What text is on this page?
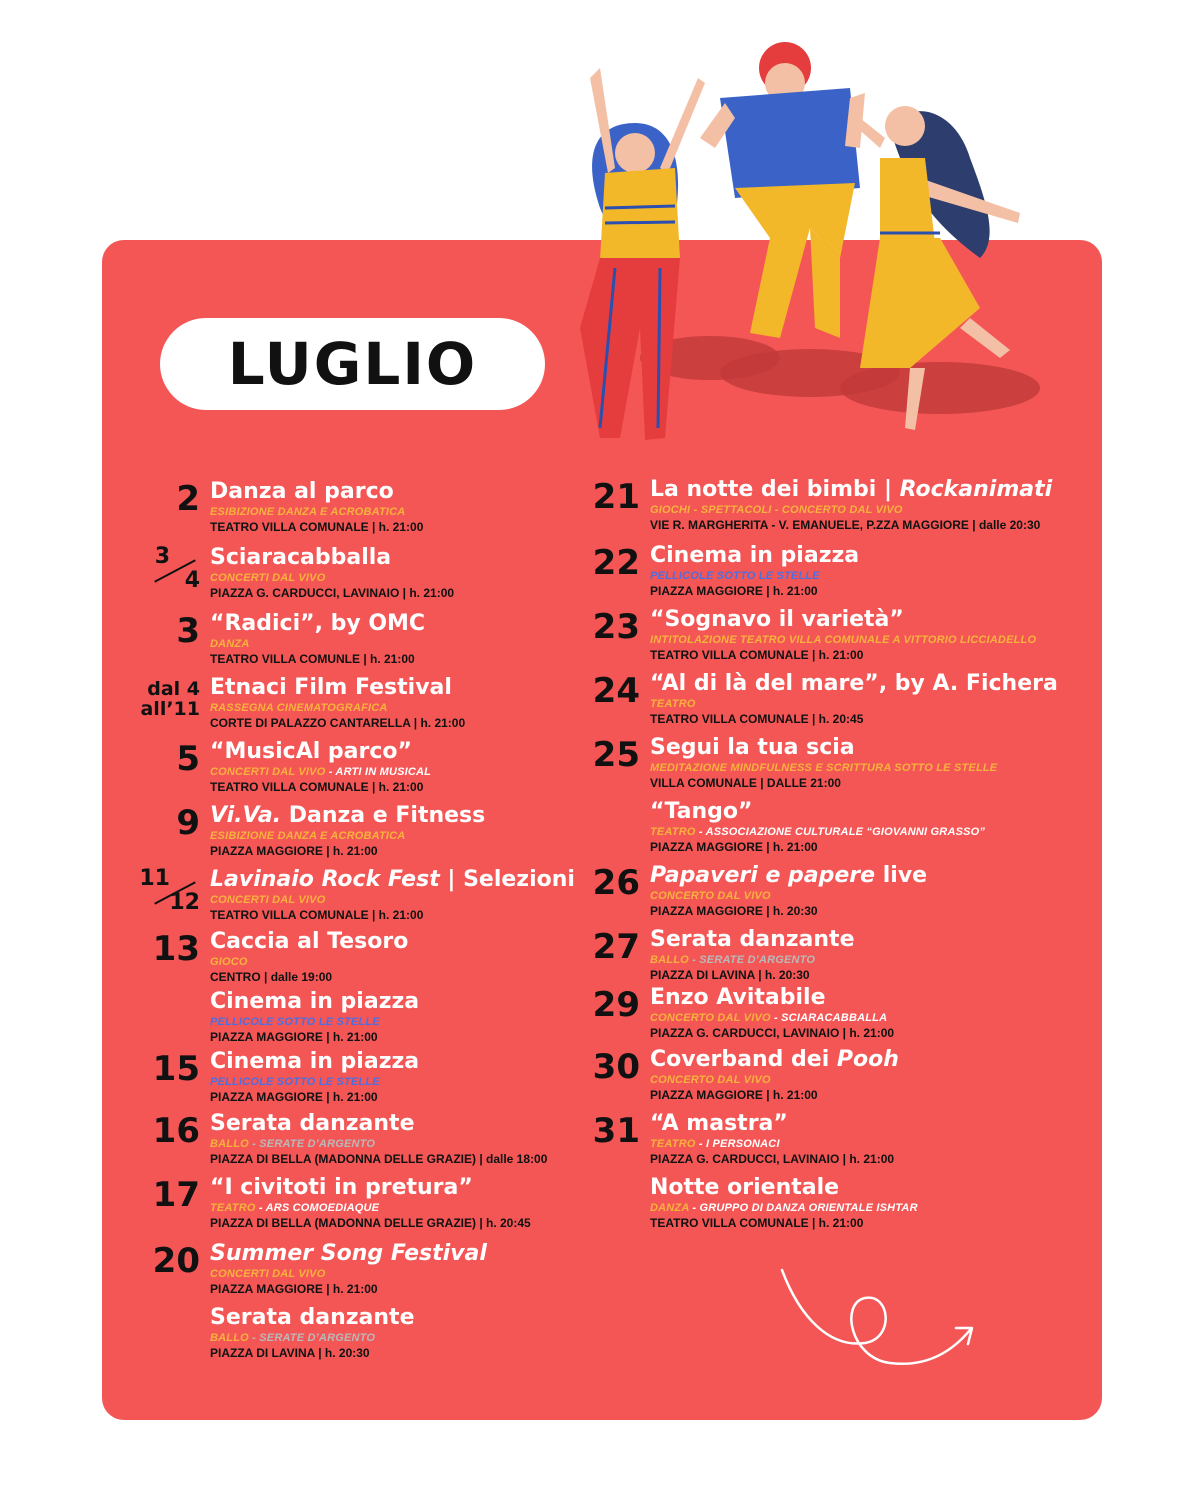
LUGLIO
2 Danza al parco
ESIBIZIONE DANZA E ACROBATICA
TEATRO VILLA COMUNALE | h. 21:00
3
4
Sciaracabballa
CONCERTI DAL VIVO
PIAZZA G. CARDUCCI, LAVINAIO | h. 21:00
3 “Radici”, by OMC
DANZA
TEATRO VILLA COMUNLE | h. 21:00
dal 4
all’11
Etnaci Film Festival
RASSEGNA CINEMATOGRAFICA
CORTE DI PALAZZO CANTARELLA | h. 21:00
5 “MusicAl parco”
CONCERTI DAL VIVO - ARTI IN MUSICAL
TEATRO VILLA COMUNALE | h. 21:00
9 Vi.Va. Danza e Fitness
ESIBIZIONE DANZA E ACROBATICA
PIAZZA MAGGIORE | h. 21:00
11
12
Lavinaio Rock Fest | Selezioni
CONCERTI DAL VIVO
TEATRO VILLA COMUNALE | h. 21:00
13 Caccia al Tesoro
GIOCO
CENTRO | dalle 19:00
Cinema in piazza
PELLICOLE SOTTO LE STELLE
PIAZZA MAGGIORE | h. 21:00
15 Cinema in piazza
PELLICOLE SOTTO LE STELLE
PIAZZA MAGGIORE | h. 21:00
16 Serata danzante
BALLO - SERATE D’ARGENTO
PIAZZA DI BELLA (MADONNA DELLE GRAZIE) | dalle 18:00
17 “I civitoti in pretura”
TEATRO - ARS COMOEDIAQUE
PIAZZA DI BELLA (MADONNA DELLE GRAZIE) | h. 20:45
20 Summer Song Festival
CONCERTI DAL VIVO
PIAZZA MAGGIORE | h. 21:00
Serata danzante
BALLO - SERATE D’ARGENTO
PIAZZA DI LAVINA | h. 20:30
21 La notte dei bimbi | Rockanimati
GIOCHI - SPETTACOLI - CONCERTO DAL VIVO
VIE R. MARGHERITA - V. EMANUELE, P.ZZA MAGGIORE | dalle 20:30
22 Cinema in piazza
PELLICOLE SOTTO LE STELLE
PIAZZA MAGGIORE | h. 21:00
23 “Sognavo il varietà”
INTITOLAZIONE TEATRO VILLA COMUNALE A VITTORIO LICCIADELLO
TEATRO VILLA COMUNALE | h. 21:00
24 “Al di là del mare”, by A. Fichera
TEATRO
TEATRO VILLA COMUNALE | h. 20:45
25 Segui la tua scia
MEDITAZIONE MINDFULNESS E SCRITTURA SOTTO LE STELLE
VILLA COMUNALE | DALLE 21:00
“Tango”
TEATRO - ASSOCIAZIONE CULTURALE “GIOVANNI GRASSO”
PIAZZA MAGGIORE | h. 21:00
26 Papaveri e papere live
CONCERTO DAL VIVO
PIAZZA MAGGIORE | h. 20:30
27 Serata danzante
BALLO - SERATE D’ARGENTO
PIAZZA DI LAVINA | h. 20:30
29 Enzo Avitabile
CONCERTO DAL VIVO - SCIARACABBALLA
PIAZZA G. CARDUCCI, LAVINAIO | h. 21:00
30 Coverband dei Pooh
CONCERTO DAL VIVO
PIAZZA MAGGIORE | h. 21:00
31 “A mastra”
TEATRO - I PERSONACI
PIAZZA G. CARDUCCI, LAVINAIO | h. 21:00
Notte orientale
DANZA - GRUPPO DI DANZA ORIENTALE ISHTAR
TEATRO VILLA COMUNALE | h. 21:00
